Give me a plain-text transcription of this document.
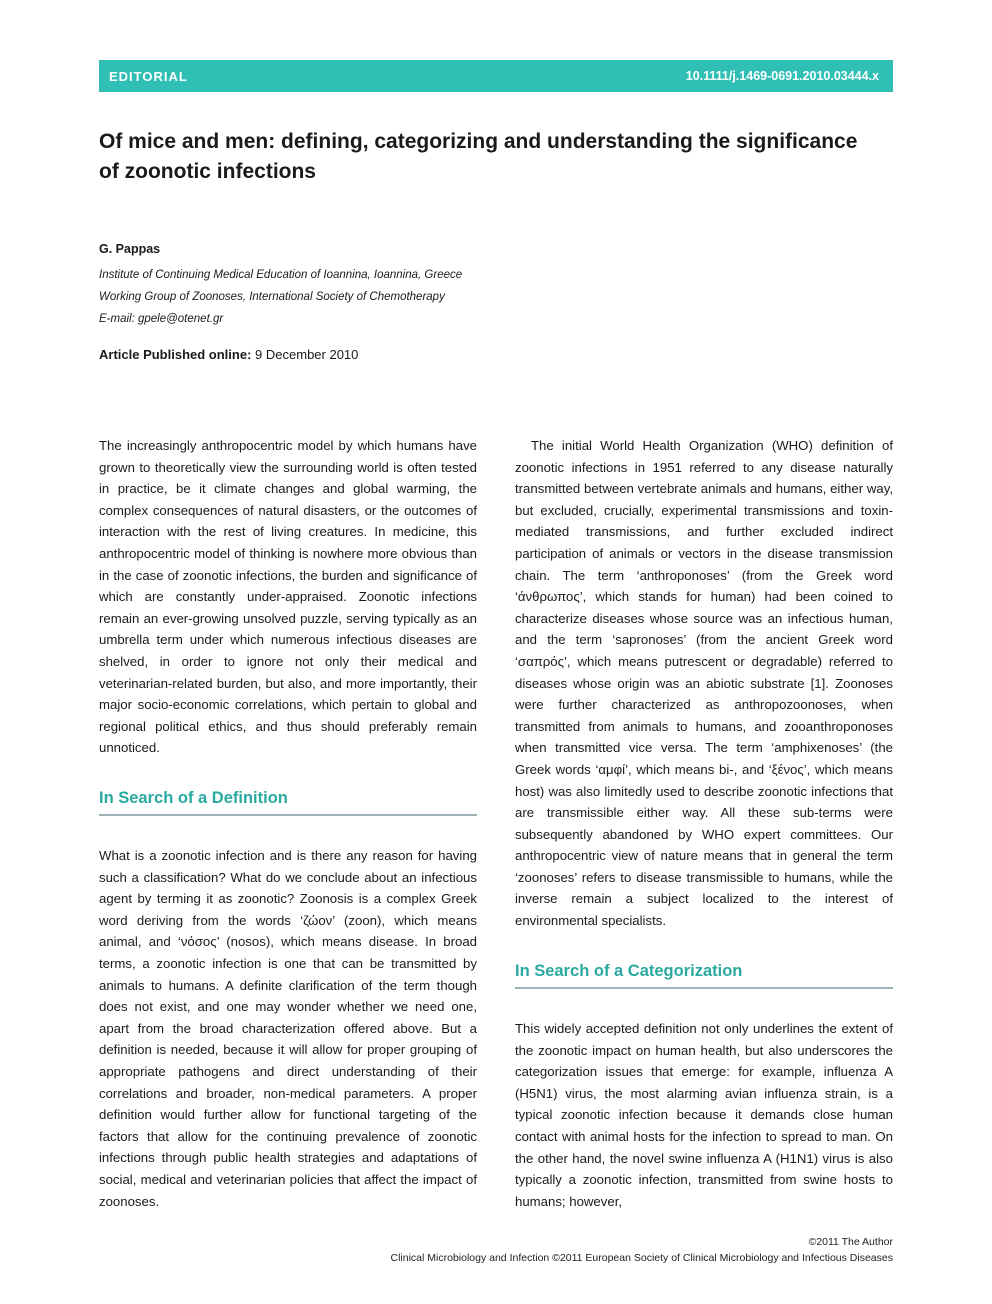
EDITORIAL	10.1111/j.1469-0691.2010.03444.x
Of mice and men: defining, categorizing and understanding the significance of zoonotic infections

G. Pappas

Institute of Continuing Medical Education of Ioannina, Ioannina, Greece

Working Group of Zoonoses, International Society of Chemotherapy

E-mail: gpele@otenet.gr

Article Published online: 9 December 2010

The increasingly anthropocentric model by which humans have grown to theoretically view the surrounding world is often tested in practice, be it climate changes and global warming, the complex consequences of natural disasters, or the outcomes of interaction with the rest of living creatures. In medicine, this anthropocentric model of thinking is nowhere more obvious than in the case of zoonotic infections, the burden and significance of which are constantly under-appraised. Zoonotic infections remain an ever-growing unsolved puzzle, serving typically as an umbrella term under which numerous infectious diseases are shelved, in order to ignore not only their medical and veterinarian-related burden, but also, and more importantly, their major socio-economic correlations, which pertain to global and regional political ethics, and thus should preferably remain unnoticed.

In Search of a Definition

What is a zoonotic infection and is there any reason for having such a classification? What do we conclude about an infectious agent by terming it as zoonotic? Zoonosis is a complex Greek word deriving from the words ‘ζώον’ (zoon), which means animal, and ‘νόσος’ (nosos), which means disease. In broad terms, a zoonotic infection is one that can be transmitted by animals to humans. A definite clarification of the term though does not exist, and one may wonder whether we need one, apart from the broad characterization offered above. But a definition is needed, because it will allow for proper grouping of appropriate pathogens and direct understanding of their correlations and broader, non-medical parameters. A proper definition would further allow for functional targeting of the factors that allow for the continuing prevalence of zoonotic infections through public health strategies and adaptations of social, medical and veterinarian policies that affect the impact of zoonoses.

The initial World Health Organization (WHO) definition of zoonotic infections in 1951 referred to any disease naturally transmitted between vertebrate animals and humans, either way, but excluded, crucially, experimental transmissions and toxin-mediated transmissions, and further excluded indirect participation of animals or vectors in the disease transmission chain. The term ‘anthroponoses’ (from the Greek word ‘άνθρωπος’, which stands for human) had been coined to characterize diseases whose source was an infectious human, and the term ‘sapronoses’ (from the ancient Greek word ‘σαπρός’, which means putrescent or degradable) referred to diseases whose origin was an abiotic substrate [1]. Zoonoses were further characterized as anthropozoonoses, when transmitted from animals to humans, and zooanthroponoses when transmitted vice versa. The term ‘amphixenoses’ (the Greek words ‘αμφί’, which means bi-, and ‘ξένος’, which means host) was also limitedly used to describe zoonotic infections that are transmissible either way. All these sub-terms were subsequently abandoned by WHO expert committees. Our anthropocentric view of nature means that in general the term ‘zoonoses’ refers to disease transmissible to humans, while the inverse remain a subject localized to the interest of environmental specialists.

In Search of a Categorization

This widely accepted definition not only underlines the extent of the zoonotic impact on human health, but also underscores the categorization issues that emerge: for example, influenza A (H5N1) virus, the most alarming avian influenza strain, is a typical zoonotic infection because it demands close human contact with animal hosts for the infection to spread to man. On the other hand, the novel swine influenza A (H1N1) virus is also typically a zoonotic infection, transmitted from swine hosts to humans; however,

©2011 The Author
Clinical Microbiology and Infection ©2011 European Society of Clinical Microbiology and Infectious Diseases
